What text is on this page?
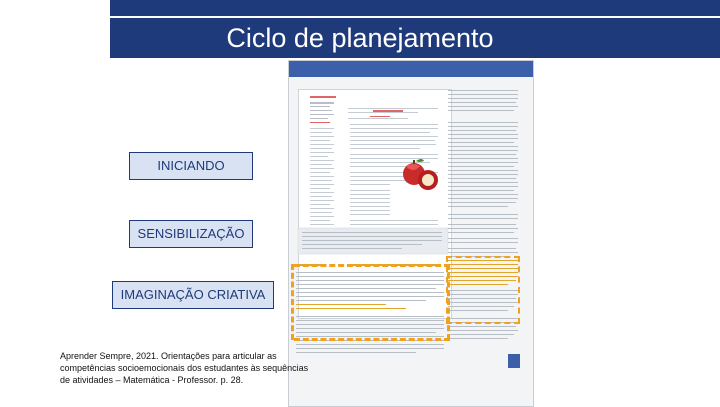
Ciclo de planejamento
INICIANDO
SENSIBILIZAÇÃO
IMAGINAÇÃO CRIATIVA
Aprender Sempre, 2021. Orientações para articular as competências socioemocionais dos estudantes às sequências de atividades – Matemática - Professor. p. 28.
